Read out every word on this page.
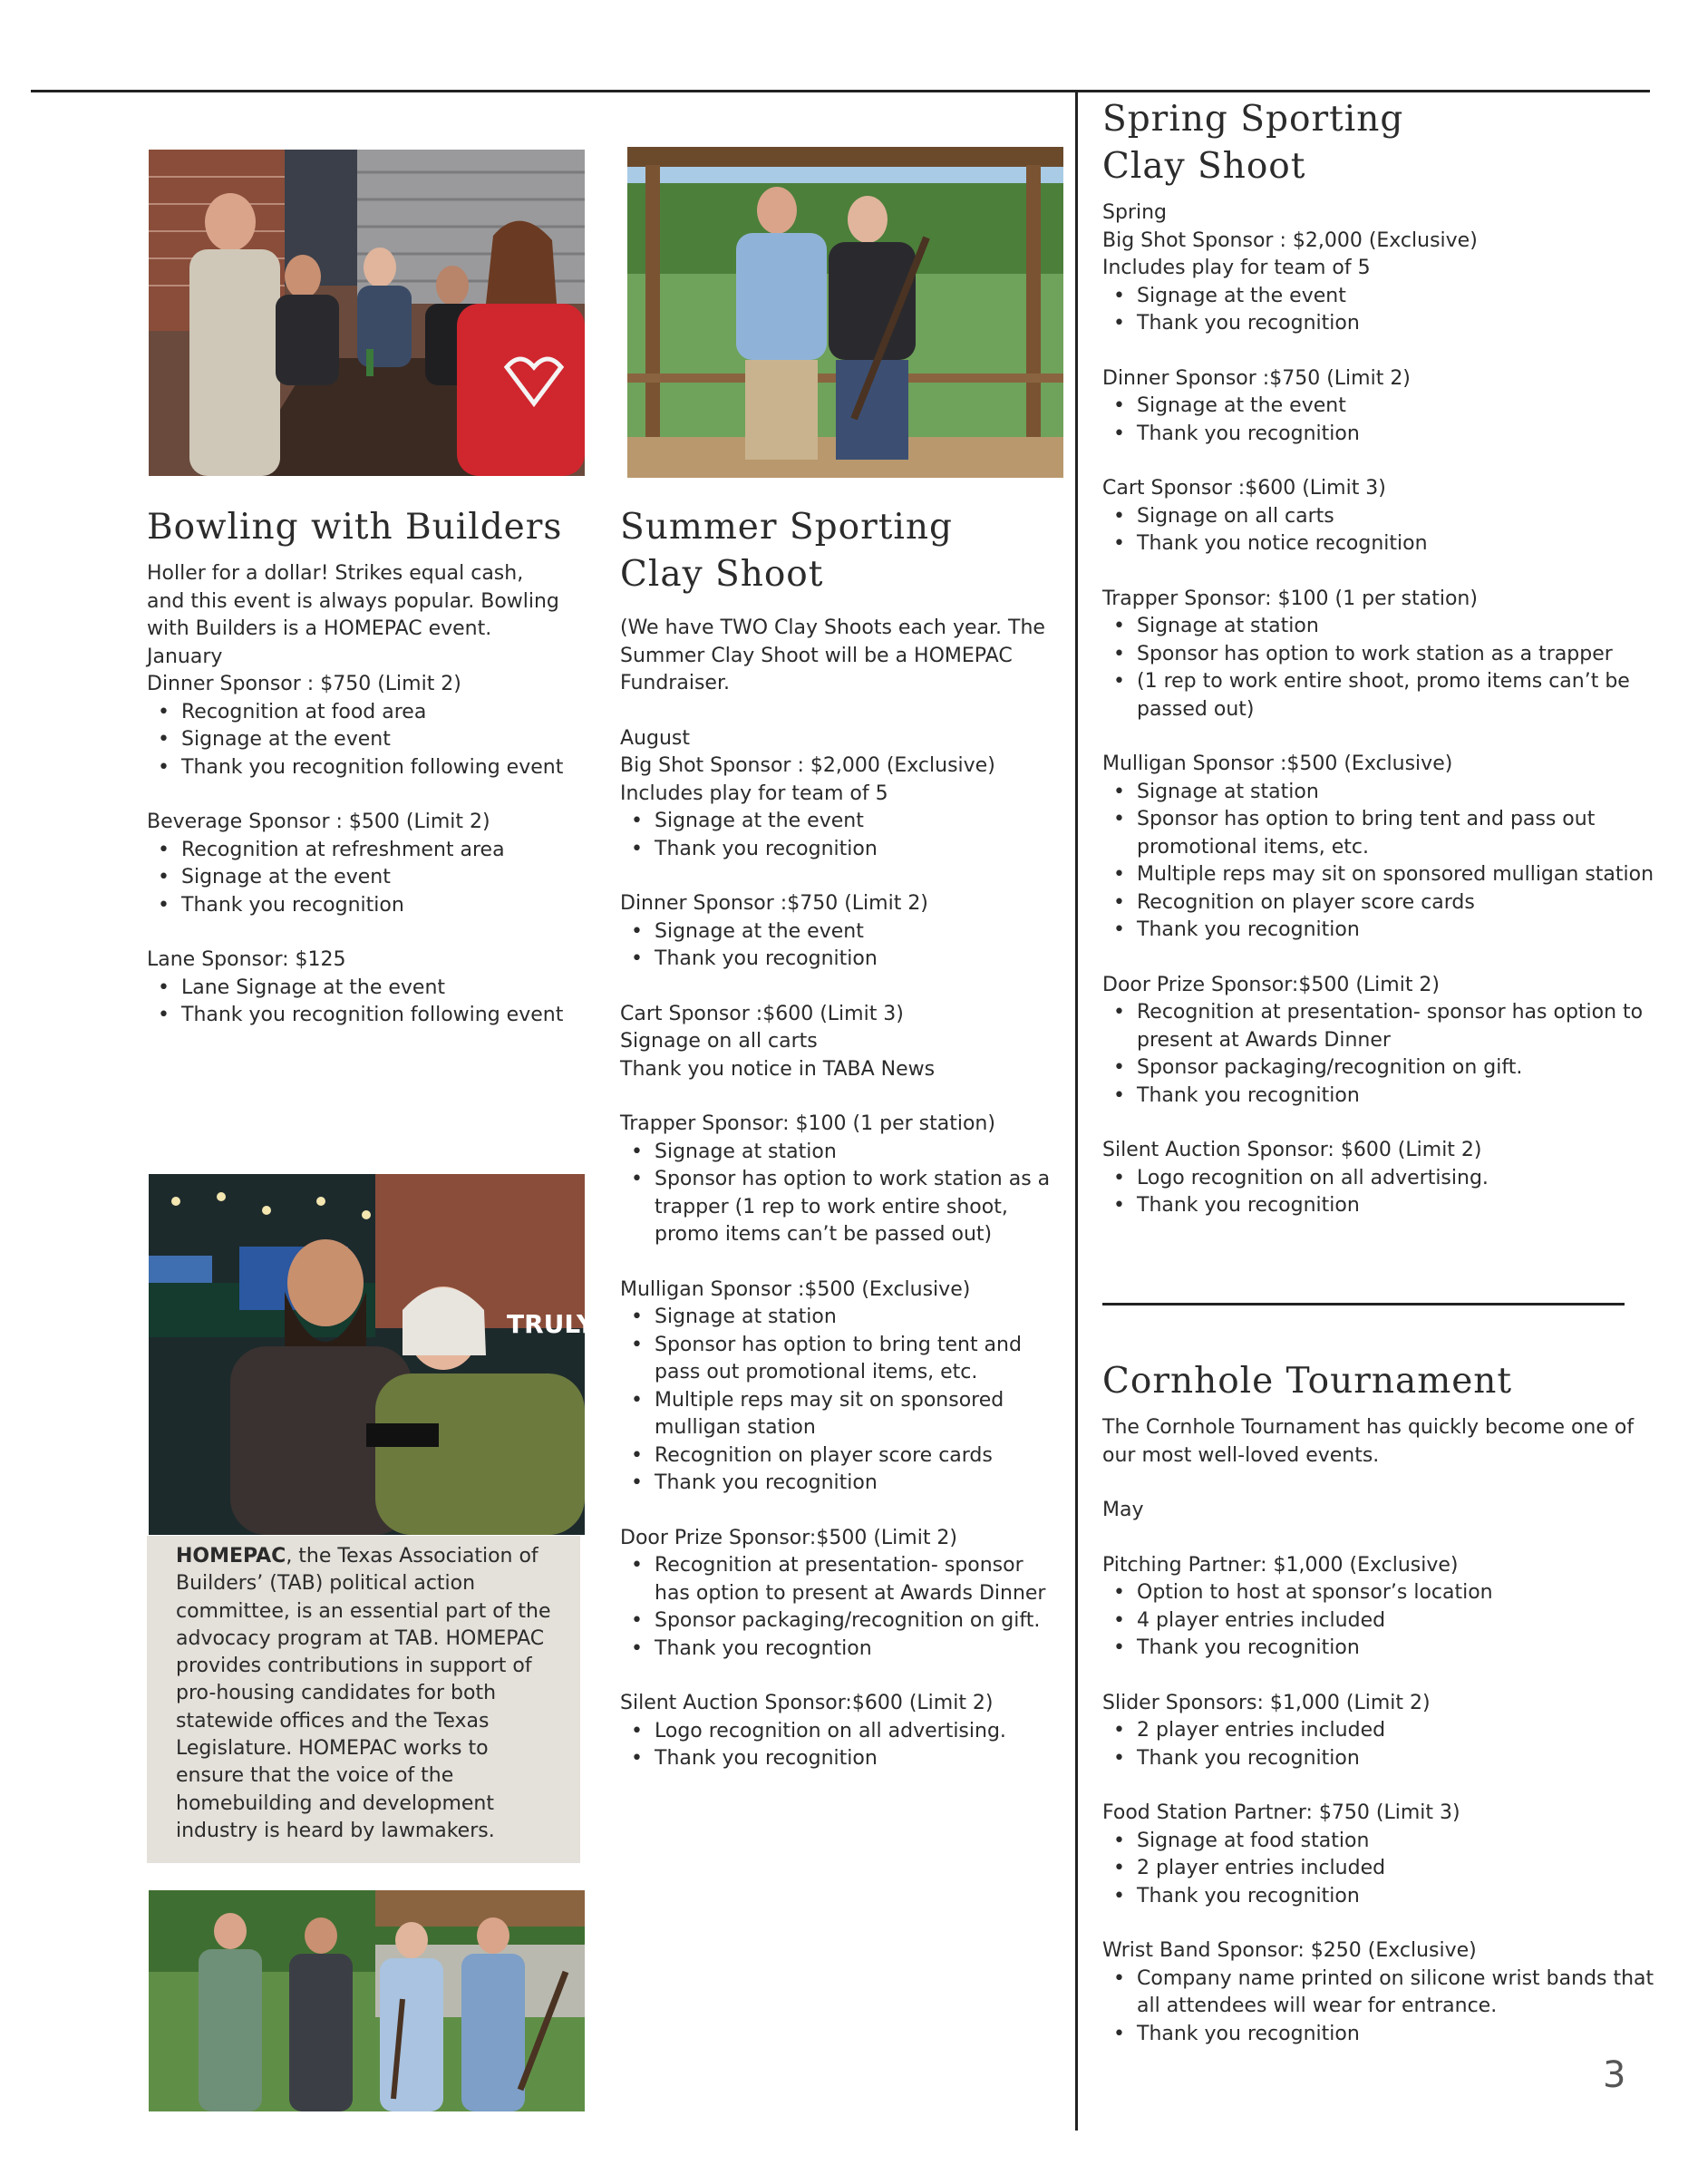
TRULY
Bowling with Builders

Holler for a dollar! Strikes equal cash, and this event is always popular. Bowling with Builders is a HOMEPAC event.

January

Dinner Sponsor : $750 (Limit 2)

• Recognition at food area
• Signage at the event
• Thank you recognition following event

Beverage Sponsor : $500 (Limit 2)

• Recognition at refreshment area
• Signage at the event
• Thank you recognition

Lane Sponsor: $125

• Lane Signage at the event
• Thank you recognition following event

HOMEPAC, the Texas Association of Builders’ (TAB) political action committee, is an essential part of the advocacy program at TAB. HOMEPAC provides contributions in support of pro-housing candidates for both statewide offices and the Texas Legislature. HOMEPAC works to ensure that the voice of the homebuilding and development industry is heard by lawmakers.

Summer Sporting
Clay Shoot

(We have TWO Clay Shoots each year. The Summer Clay Shoot will be a HOMEPAC Fundraiser.

August

Big Shot Sponsor : $2,000 (Exclusive)

Includes play for team of 5

• Signage at the event
• Thank you recognition

Dinner Sponsor :$750 (Limit 2)

• Signage at the event
• Thank you recognition

Cart Sponsor :$600 (Limit 3)

Signage on all carts

Thank you notice in TABA News

Trapper Sponsor: $100 (1 per station)

• Signage at station
• Sponsor has option to work station as a trapper (1 rep to work entire shoot, promo items can’t be passed out)

Mulligan Sponsor :$500 (Exclusive)

• Signage at station
• Sponsor has option to bring tent and pass out promotional items, etc.
• Multiple reps may sit on sponsored mulligan station
• Recognition on player score cards
• Thank you recognition

Door Prize Sponsor:$500 (Limit 2)

• Recognition at presentation- sponsor has option to present at Awards Dinner
• Sponsor packaging/recognition on gift.
• Thank you recogntion

Silent Auction Sponsor:$600 (Limit 2)

• Logo recognition on all advertising.
• Thank you recognition
Spring Sporting
Clay Shoot

Spring

Big Shot Sponsor : $2,000 (Exclusive)

Includes play for team of 5

• Signage at the event
• Thank you recognition

Dinner Sponsor :$750 (Limit 2)

• Signage at the event
• Thank you recognition

Cart Sponsor :$600 (Limit 3)

• Signage on all carts
• Thank you notice recognition

Trapper Sponsor: $100 (1 per station)

• Signage at station
• Sponsor has option to work station as a trapper
• (1 rep to work entire shoot, promo items can’t be passed out)

Mulligan Sponsor :$500 (Exclusive)

• Signage at station
• Sponsor has option to bring tent and pass out promotional items, etc.
• Multiple reps may sit on sponsored mulligan station
• Recognition on player score cards
• Thank you recognition

Door Prize Sponsor:$500 (Limit 2)

• Recognition at presentation- sponsor has option to present at Awards Dinner
• Sponsor packaging/recognition on gift.
• Thank you recognition

Silent Auction Sponsor: $600 (Limit 2)

• Logo recognition on all advertising.
• Thank you recognition
Cornhole Tournament

The Cornhole Tournament has quickly become one of our most well-loved events.

May

Pitching Partner: $1,000 (Exclusive)

• Option to host at sponsor’s location
• 4 player entries included
• Thank you recognition

Slider Sponsors: $1,000 (Limit 2)

• 2 player entries included
• Thank you recognition

Food Station Partner: $750 (Limit 3)

• Signage at food station
• 2 player entries included
• Thank you recognition

Wrist Band Sponsor: $250 (Exclusive)

• Company name printed on silicone wrist bands that all attendees will wear for entrance.
• Thank you recognition
3
